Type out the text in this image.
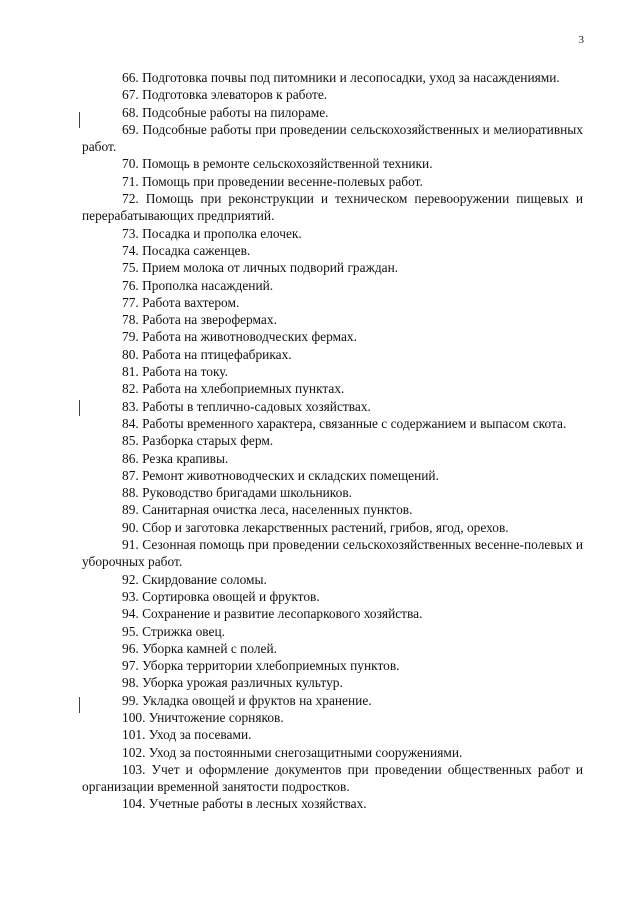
3
66. Подготовка почвы под питомники и лесопосадки, уход за насаждениями.
67. Подготовка элеваторов к работе.
68. Подсобные работы на пилораме.
69. Подсобные работы при проведении сельскохозяйственных и мелиоративных работ.
70. Помощь в ремонте сельскохозяйственной техники.
71. Помощь при проведении весенне-полевых работ.
72. Помощь при реконструкции и техническом перевооружении пищевых и перерабатывающих предприятий.
73. Посадка и прополка елочек.
74. Посадка саженцев.
75. Прием молока от личных подворий граждан.
76. Прополка насаждений.
77. Работа вахтером.
78. Работа на зверофермах.
79. Работа на животноводческих фермах.
80. Работа на птицефабриках.
81. Работа на току.
82. Работа на хлебоприемных пунктах.
83. Работы в теплично-садовых хозяйствах.
84. Работы временного характера, связанные с содержанием и выпасом скота.
85. Разборка старых ферм.
86. Резка крапивы.
87. Ремонт животноводческих и складских помещений.
88. Руководство бригадами школьников.
89. Санитарная очистка леса, населенных пунктов.
90. Сбор и заготовка лекарственных растений, грибов, ягод, орехов.
91. Сезонная помощь при проведении сельскохозяйственных весенне-полевых и уборочных работ.
92. Скирдование соломы.
93. Сортировка овощей и фруктов.
94. Сохранение и развитие лесопаркового хозяйства.
95. Стрижка овец.
96. Уборка камней с полей.
97. Уборка территории хлебоприемных пунктов.
98. Уборка урожая различных культур.
99. Укладка овощей и фруктов на хранение.
100. Уничтожение сорняков.
101. Уход за посевами.
102. Уход за постоянными снегозащитными сооружениями.
103. Учет и оформление документов при проведении общественных работ и организации временной занятости подростков.
104. Учетные работы в лесных хозяйствах.
